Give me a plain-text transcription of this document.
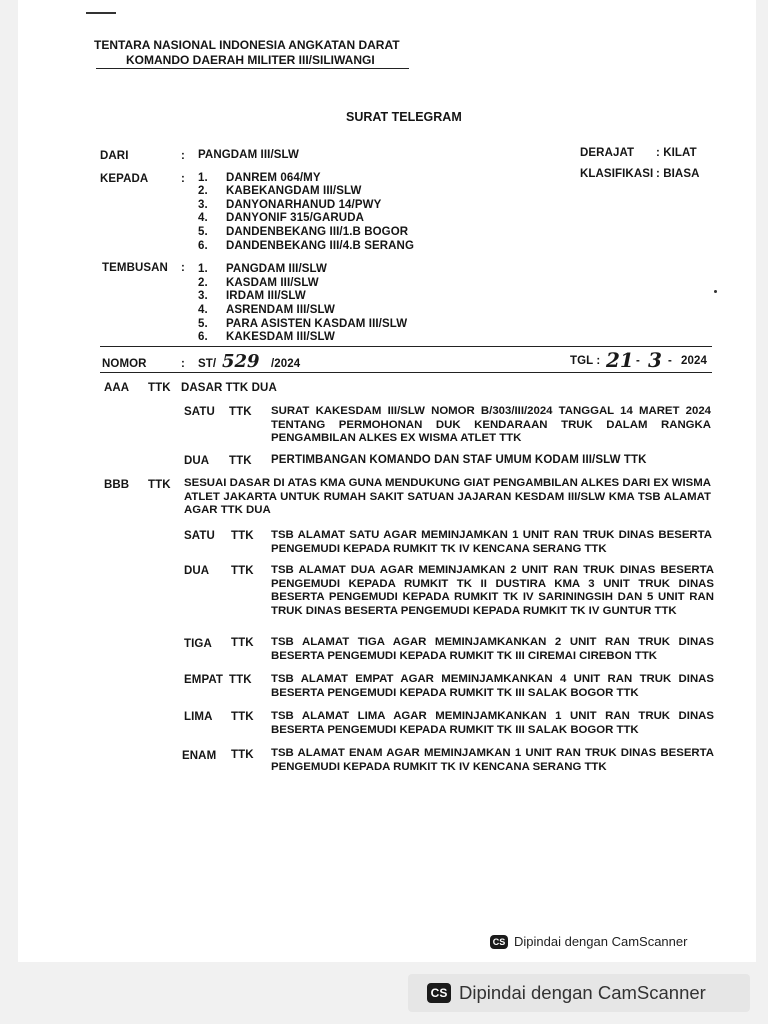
TENTARA NASIONAL INDONESIA ANGKATAN DARAT
KOMANDO DAERAH MILITER III/SILIWANGI
SURAT TELEGRAM
DARI	: PANGDAM III/SLW	DERAJAT : KILAT
KLASIFIKASI : BIASA
KEPADA	: 1. DANREM 064/MY
2. KABEKANGDAM III/SLW
3. DANYONARHANUD 14/PWY
4. DANYONIF 315/GARUDA
5. DANDENBEKANG III/1.B BOGOR
6. DANDENBEKANG III/4.B SERANG
TEMBUSAN : 1. PANGDAM III/SLW
2. KASDAM III/SLW
3. IRDAM III/SLW
4. ASRENDAM III/SLW
5. PARA ASISTEN KASDAM III/SLW
6. KAKESDAM III/SLW
NOMOR	: ST/ 529 /2024	TGL : 21 - 3 - 2024
AAA TTK DASAR TTK DUA
SATU TTK SURAT KAKESDAM III/SLW NOMOR B/303/III/2024 TANGGAL 14 MARET 2024 TENTANG PERMOHONAN DUK KENDARAAN TRUK DALAM RANGKA PENGAMBILAN ALKES EX WISMA ATLET TTK
DUA TTK PERTIMBANGAN KOMANDO DAN STAF UMUM KODAM III/SLW TTK
BBB TTK SESUAI DASAR DI ATAS KMA GUNA MENDUKUNG GIAT PENGAMBILAN ALKES DARI EX WISMA ATLET JAKARTA UNTUK RUMAH SAKIT SATUAN JAJARAN KESDAM III/SLW KMA TSB ALAMAT AGAR TTK DUA
SATU TTK TSB ALAMAT SATU AGAR MEMINJAMKAN 1 UNIT RAN TRUK DINAS BESERTA PENGEMUDI KEPADA RUMKIT TK IV KENCANA SERANG TTK
DUA TTK TSB ALAMAT DUA AGAR MEMINJAMKAN 2 UNIT RAN TRUK DINAS BESERTA PENGEMUDI KEPADA RUMKIT TK II DUSTIRA KMA 3 UNIT TRUK DINAS BESERTA PENGEMUDI KEPADA RUMKIT TK IV SARININGSIH DAN 5 UNIT RAN TRUK DINAS BESERTA PENGEMUDI KEPADA RUMKIT TK IV GUNTUR TTK
TIGA TTK TSB ALAMAT TIGA AGAR MEMINJAMKANKAN 2 UNIT RAN TRUK DINAS BESERTA PENGEMUDI KEPADA RUMKIT TK III CIREMAI CIREBON TTK
EMPAT TTK TSB ALAMAT EMPAT AGAR MEMINJAMKANKAN 4 UNIT RAN TRUK DINAS BESERTA PENGEMUDI KEPADA RUMKIT TK III SALAK BOGOR TTK
LIMA TTK TSB ALAMAT LIMA AGAR MEMINJAMKANKAN 1 UNIT RAN TRUK DINAS BESERTA PENGEMUDI KEPADA RUMKIT TK III SALAK BOGOR TTK
ENAM TTK TSB ALAMAT ENAM AGAR MEMINJAMKAN 1 UNIT RAN TRUK DINAS BESERTA PENGEMUDI KEPADA RUMKIT TK IV KENCANA SERANG TTK
CS Dipindai dengan CamScanner
CS Dipindai dengan CamScanner
